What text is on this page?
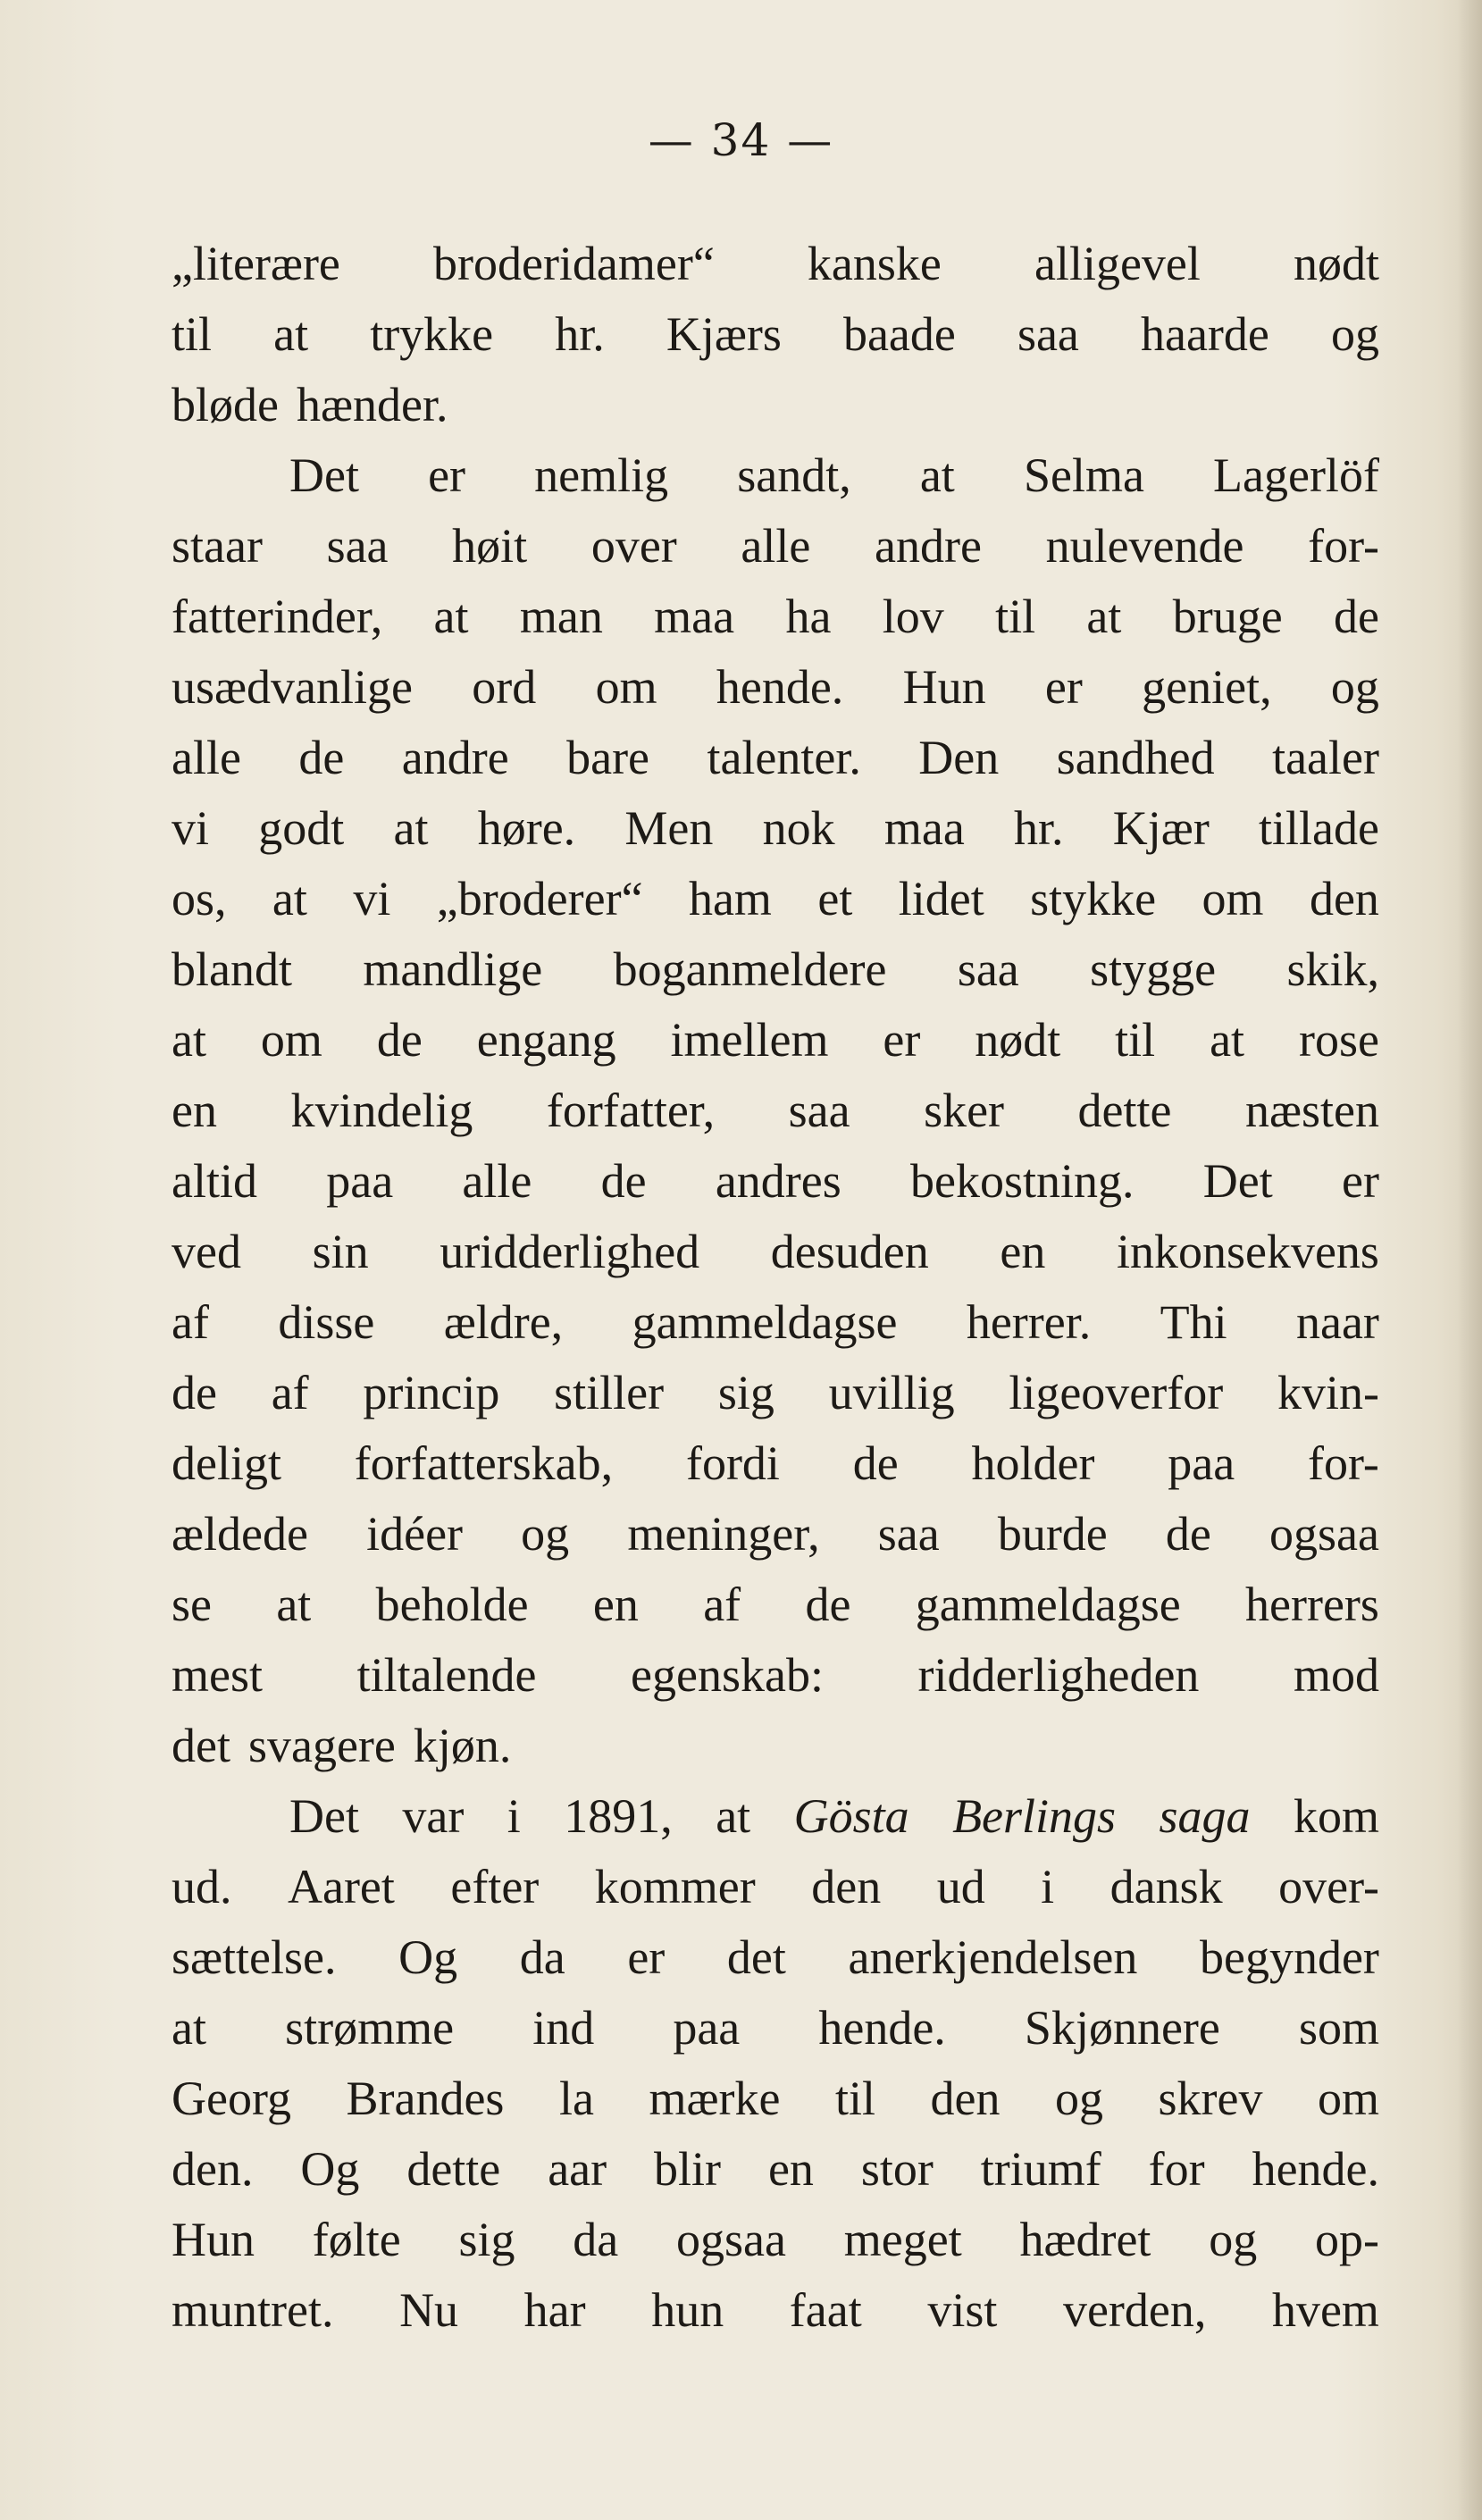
— 34 —
„literære broderidamer“ kanske alligevel nødt
til at trykke hr. Kjærs baade saa haarde og
bløde hænder.
Det er nemlig sandt, at Selma Lagerlöf
staar saa høit over alle andre nulevende for-
fatterinder, at man maa ha lov til at bruge de
usædvanlige ord om hende. Hun er geniet, og
alle de andre bare talenter. Den sandhed taaler
vi godt at høre. Men nok maa hr. Kjær tillade
os, at vi „broderer“ ham et lidet stykke om den
blandt mandlige boganmeldere saa stygge skik,
at om de engang imellem er nødt til at rose
en kvindelig forfatter, saa sker dette næsten
altid paa alle de andres bekostning. Det er
ved sin uridderlighed desuden en inkonsekvens
af disse ældre, gammeldagse herrer. Thi naar
de af princip stiller sig uvillig ligeoverfor kvin-
deligt forfatterskab, fordi de holder paa for-
ældede idéer og meninger, saa burde de ogsaa
se at beholde en af de gammeldagse herrers
mest tiltalende egenskab: ridderligheden mod
det svagere kjøn.
Det var i 1891, at Gösta Berlings saga kom
ud. Aaret efter kommer den ud i dansk over-
sættelse. Og da er det anerkjendelsen begynder
at strømme ind paa hende. Skjønnere som
Georg Brandes la mærke til den og skrev om
den. Og dette aar blir en stor triumf for hende.
Hun følte sig da ogsaa meget hædret og op-
muntret. Nu har hun faat vist verden, hvem
